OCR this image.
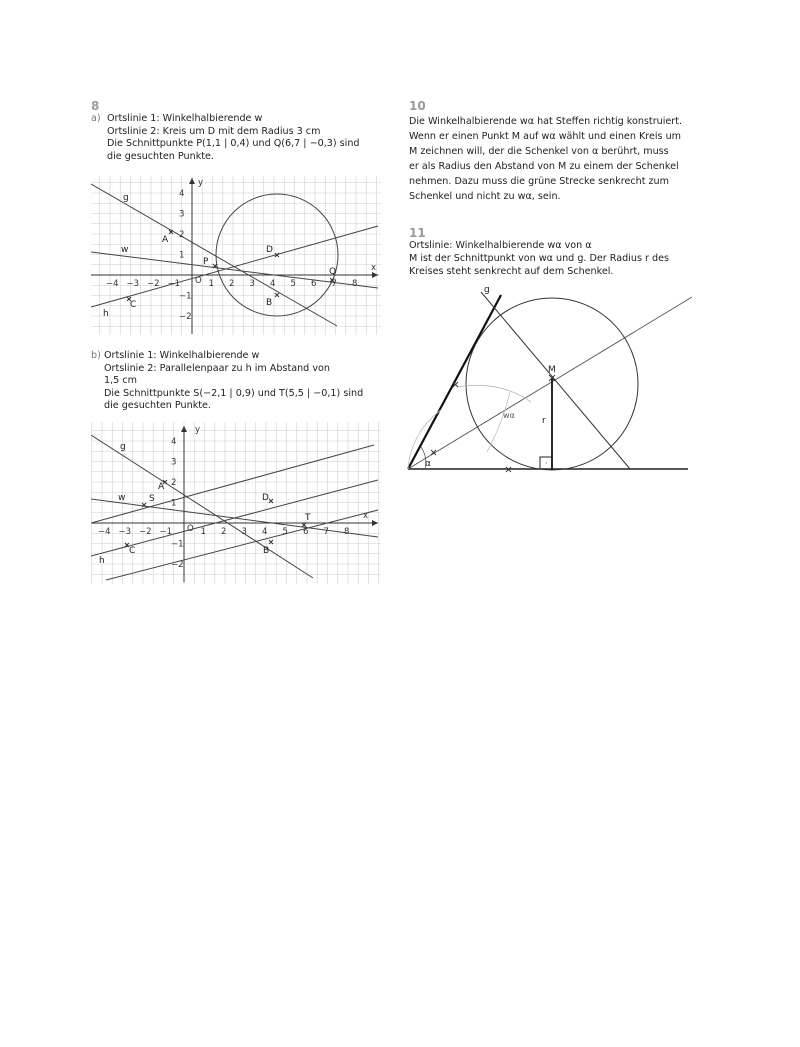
8
a) Ortslinie 1: Winkelhalbierende w
Ortslinie 2: Kreis um D mit dem Radius 3 cm
Die Schnittpunkte P(1,1 | 0,4) und Q(6,7 | −0,3) sind
die gesuchten Punkte.
−4 −3 −2 −1	1 2 3 4 5 6 7 8
4
3
2
1
−1
−2
O
x
y
g
w
h
A
C
D
B
P
Q
b) Ortslinie 1: Winkelhalbierende w
Ortslinie 2: Parallelenpaar zu h im Abstand von
1,5 cm
Die Schnittpunkte S(−2,1 | 0,9) und T(5,5 | −0,1) sind
die gesuchten Punkte.
−4 −3 −2 −1	1 2 3 4 5 6 7 8
4
3
2
1
−1
−2
O
x
y
g
w
h
A
C
D
B
S
T
10
Die Winkelhalbierende wα hat Steffen richtig konstruiert.
Wenn er einen Punkt M auf wα wählt und einen Kreis um
M zeichnen will, der die Schenkel von α berührt, muss
er als Radius den Abstand von M zu einem der Schenkel
nehmen. Dazu muss die grüne Strecke senkrecht zum
Schenkel und nicht zu wα, sein.
11
Ortslinie: Winkelhalbierende wα von α
M ist der Schnittpunkt von wα und g. Der Radius r des
Kreises steht senkrecht auf dem Schenkel.
·
g
M
r
wα
α
